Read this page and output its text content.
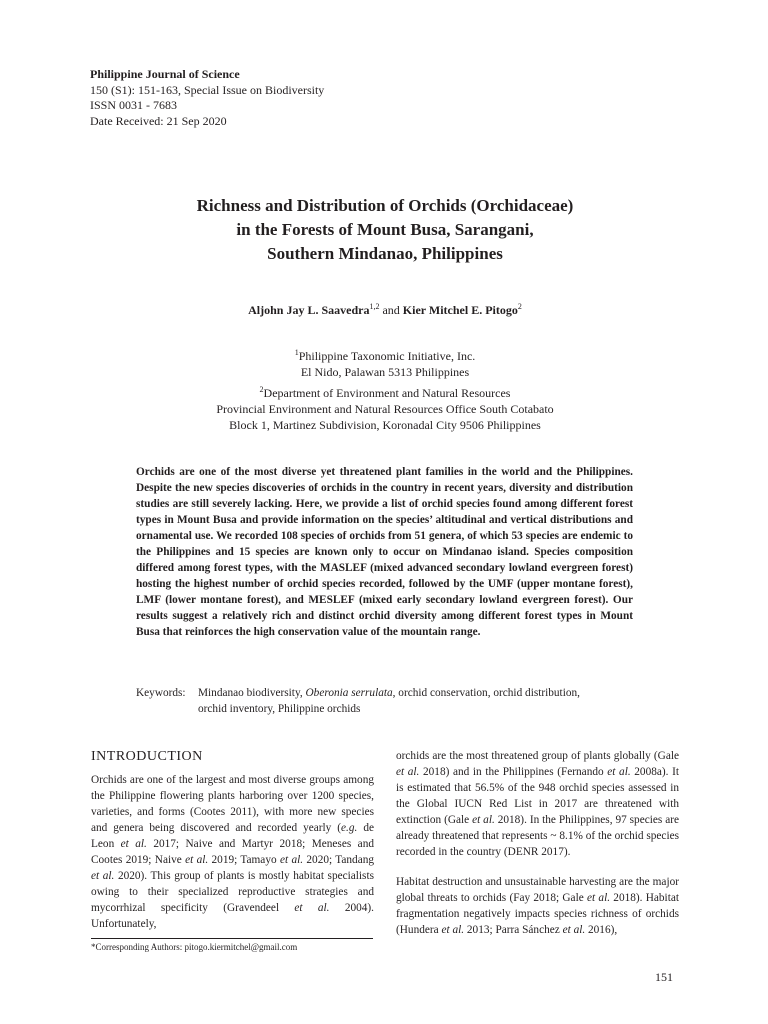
Philippine Journal of Science
150 (S1): 151-163, Special Issue on Biodiversity
ISSN 0031 - 7683
Date Received: 21 Sep 2020
Richness and Distribution of Orchids (Orchidaceae)
in the Forests of Mount Busa, Sarangani,
Southern Mindanao, Philippines
Aljohn Jay L. Saavedra$^{1,2}$ and Kier Mitchel E. Pitogo$^2$
$^1$Philippine Taxonomic Initiative, Inc.
El Nido, Palawan 5313 Philippines
$^2$Department of Environment and Natural Resources
Provincial Environment and Natural Resources Office South Cotabato
Block 1, Martinez Subdivision, Koronadal City 9506 Philippines
Orchids are one of the most diverse yet threatened plant families in the world and the Philippines. Despite the new species discoveries of orchids in the country in recent years, diversity and distribution studies are still severely lacking. Here, we provide a list of orchid species found among different forest types in Mount Busa and provide information on the species’ altitudinal and vertical distributions and ornamental use. We recorded 108 species of orchids from 51 genera, of which 53 species are endemic to the Philippines and 15 species are known only to occur on Mindanao island. Species composition differed among forest types, with the MASLEF (mixed advanced secondary lowland evergreen forest) hosting the highest number of orchid species recorded, followed by the UMF (upper montane forest), LMF (lower montane forest), and MESLEF (mixed early secondary lowland evergreen forest). Our results suggest a relatively rich and distinct orchid diversity among different forest types in Mount Busa that reinforces the high conservation value of the mountain range.
Keywords: Mindanao biodiversity, Oberonia serrulata, orchid conservation, orchid distribution,
orchid inventory, Philippine orchids
INTRODUCTION

Orchids are one of the largest and most diverse groups among the Philippine flowering plants harboring over 1200 species, varieties, and forms (Cootes 2011), with more new species and genera being discovered and recorded yearly (e.g. de Leon et al. 2017; Naive and Martyr 2018; Meneses and Cootes 2019; Naive et al. 2019; Tamayo et al. 2020; Tandang et al. 2020). This group of plants is mostly habitat specialists owing to their specialized reproductive strategies and mycorrhizal specificity (Gravendeel et al. 2004). Unfortunately,

orchids are the most threatened group of plants globally (Gale et al. 2018) and in the Philippines (Fernando et al. 2008a). It is estimated that 56.5% of the 948 orchid species assessed in the Global IUCN Red List in 2017 are threatened with extinction (Gale et al. 2018). In the Philippines, 97 species are already threatened that represents ~ 8.1% of the orchid species recorded in the country (DENR 2017).

Habitat destruction and unsustainable harvesting are the major global threats to orchids (Fay 2018; Gale et al. 2018). Habitat fragmentation negatively impacts species richness of orchids (Hundera et al. 2013; Parra Sánchez et al. 2016),

*Corresponding Authors: pitogo.kiermitchel@gmail.com
151
